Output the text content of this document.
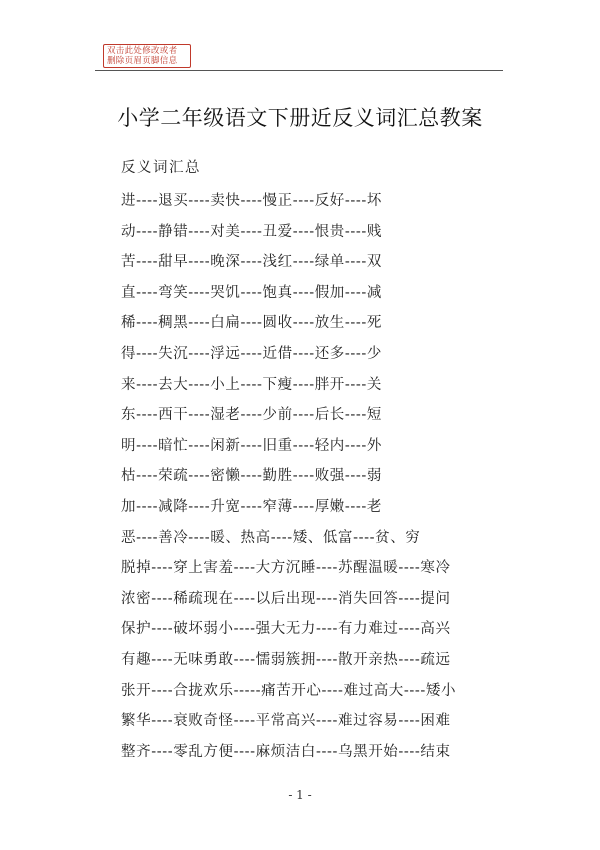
双击此处修改或者
删除页眉页脚信息
小学二年级语文下册近反义词汇总教案
反义词汇总
进----退买----卖快----慢正----反好----坏
动----静错----对美----丑爱----恨贵----贱
苦----甜早----晚深----浅红----绿单----双
直----弯笑----哭饥----饱真----假加----减
稀----稠黑----白扁----圆收----放生----死
得----失沉----浮远----近借----还多----少
来----去大----小上----下瘦----胖开----关
东----西干----湿老----少前----后长----短
明----暗忙----闲新----旧重----轻内----外
枯----荣疏----密懒----勤胜----败强----弱
加----减降----升宽----窄薄----厚嫩----老
恶----善冷----暖、热高----矮、低富----贫、穷
脱掉----穿上害羞----大方沉睡----苏醒温暖----寒冷
浓密----稀疏现在----以后出现----消失回答----提问
保护----破坏弱小----强大无力----有力难过----高兴
有趣----无味勇敢----懦弱簇拥----散开亲热----疏远
张开----合拢欢乐-----痛苦开心----难过高大----矮小
繁华----衰败奇怪----平常高兴----难过容易----困难
整齐----零乱方便----麻烦洁白----乌黑开始----结束
- 1 -
